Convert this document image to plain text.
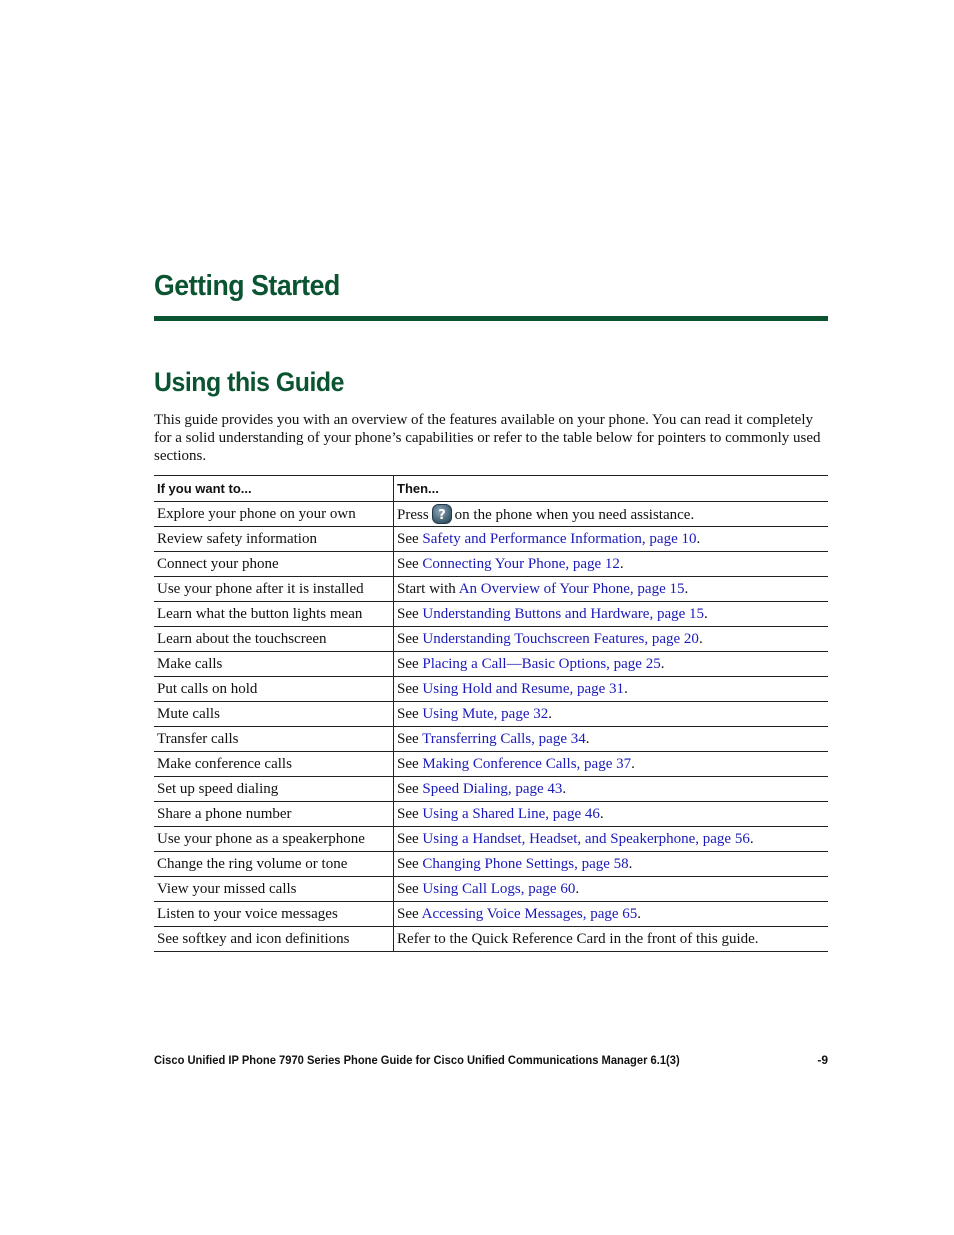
Getting Started
Using this Guide

This guide provides you with an overview of the features available on your phone. You can read it completely for a solid understanding of your phone’s capabilities or refer to the table below for pointers to commonly used sections.

If you want to...	Then...
Explore your phone on your own	Press ? on the phone when you need assistance.
Review safety information	See Safety and Performance Information, page 10.
Connect your phone	See Connecting Your Phone, page 12.
Use your phone after it is installed	Start with An Overview of Your Phone, page 15.
Learn what the button lights mean	See Understanding Buttons and Hardware, page 15.
Learn about the touchscreen	See Understanding Touchscreen Features, page 20.
Make calls	See Placing a Call—Basic Options, page 25.
Put calls on hold	See Using Hold and Resume, page 31.
Mute calls	See Using Mute, page 32.
Transfer calls	See Transferring Calls, page 34.
Make conference calls	See Making Conference Calls, page 37.
Set up speed dialing	See Speed Dialing, page 43.
Share a phone number	See Using a Shared Line, page 46.
Use your phone as a speakerphone	See Using a Handset, Headset, and Speakerphone, page 56.
Change the ring volume or tone	See Changing Phone Settings, page 58.
View your missed calls	See Using Call Logs, page 60.
Listen to your voice messages	See Accessing Voice Messages, page 65.
See softkey and icon definitions	Refer to the Quick Reference Card in the front of this guide.
Cisco Unified IP Phone 7970 Series Phone Guide for Cisco Unified Communications Manager 6.1(3)	-9
